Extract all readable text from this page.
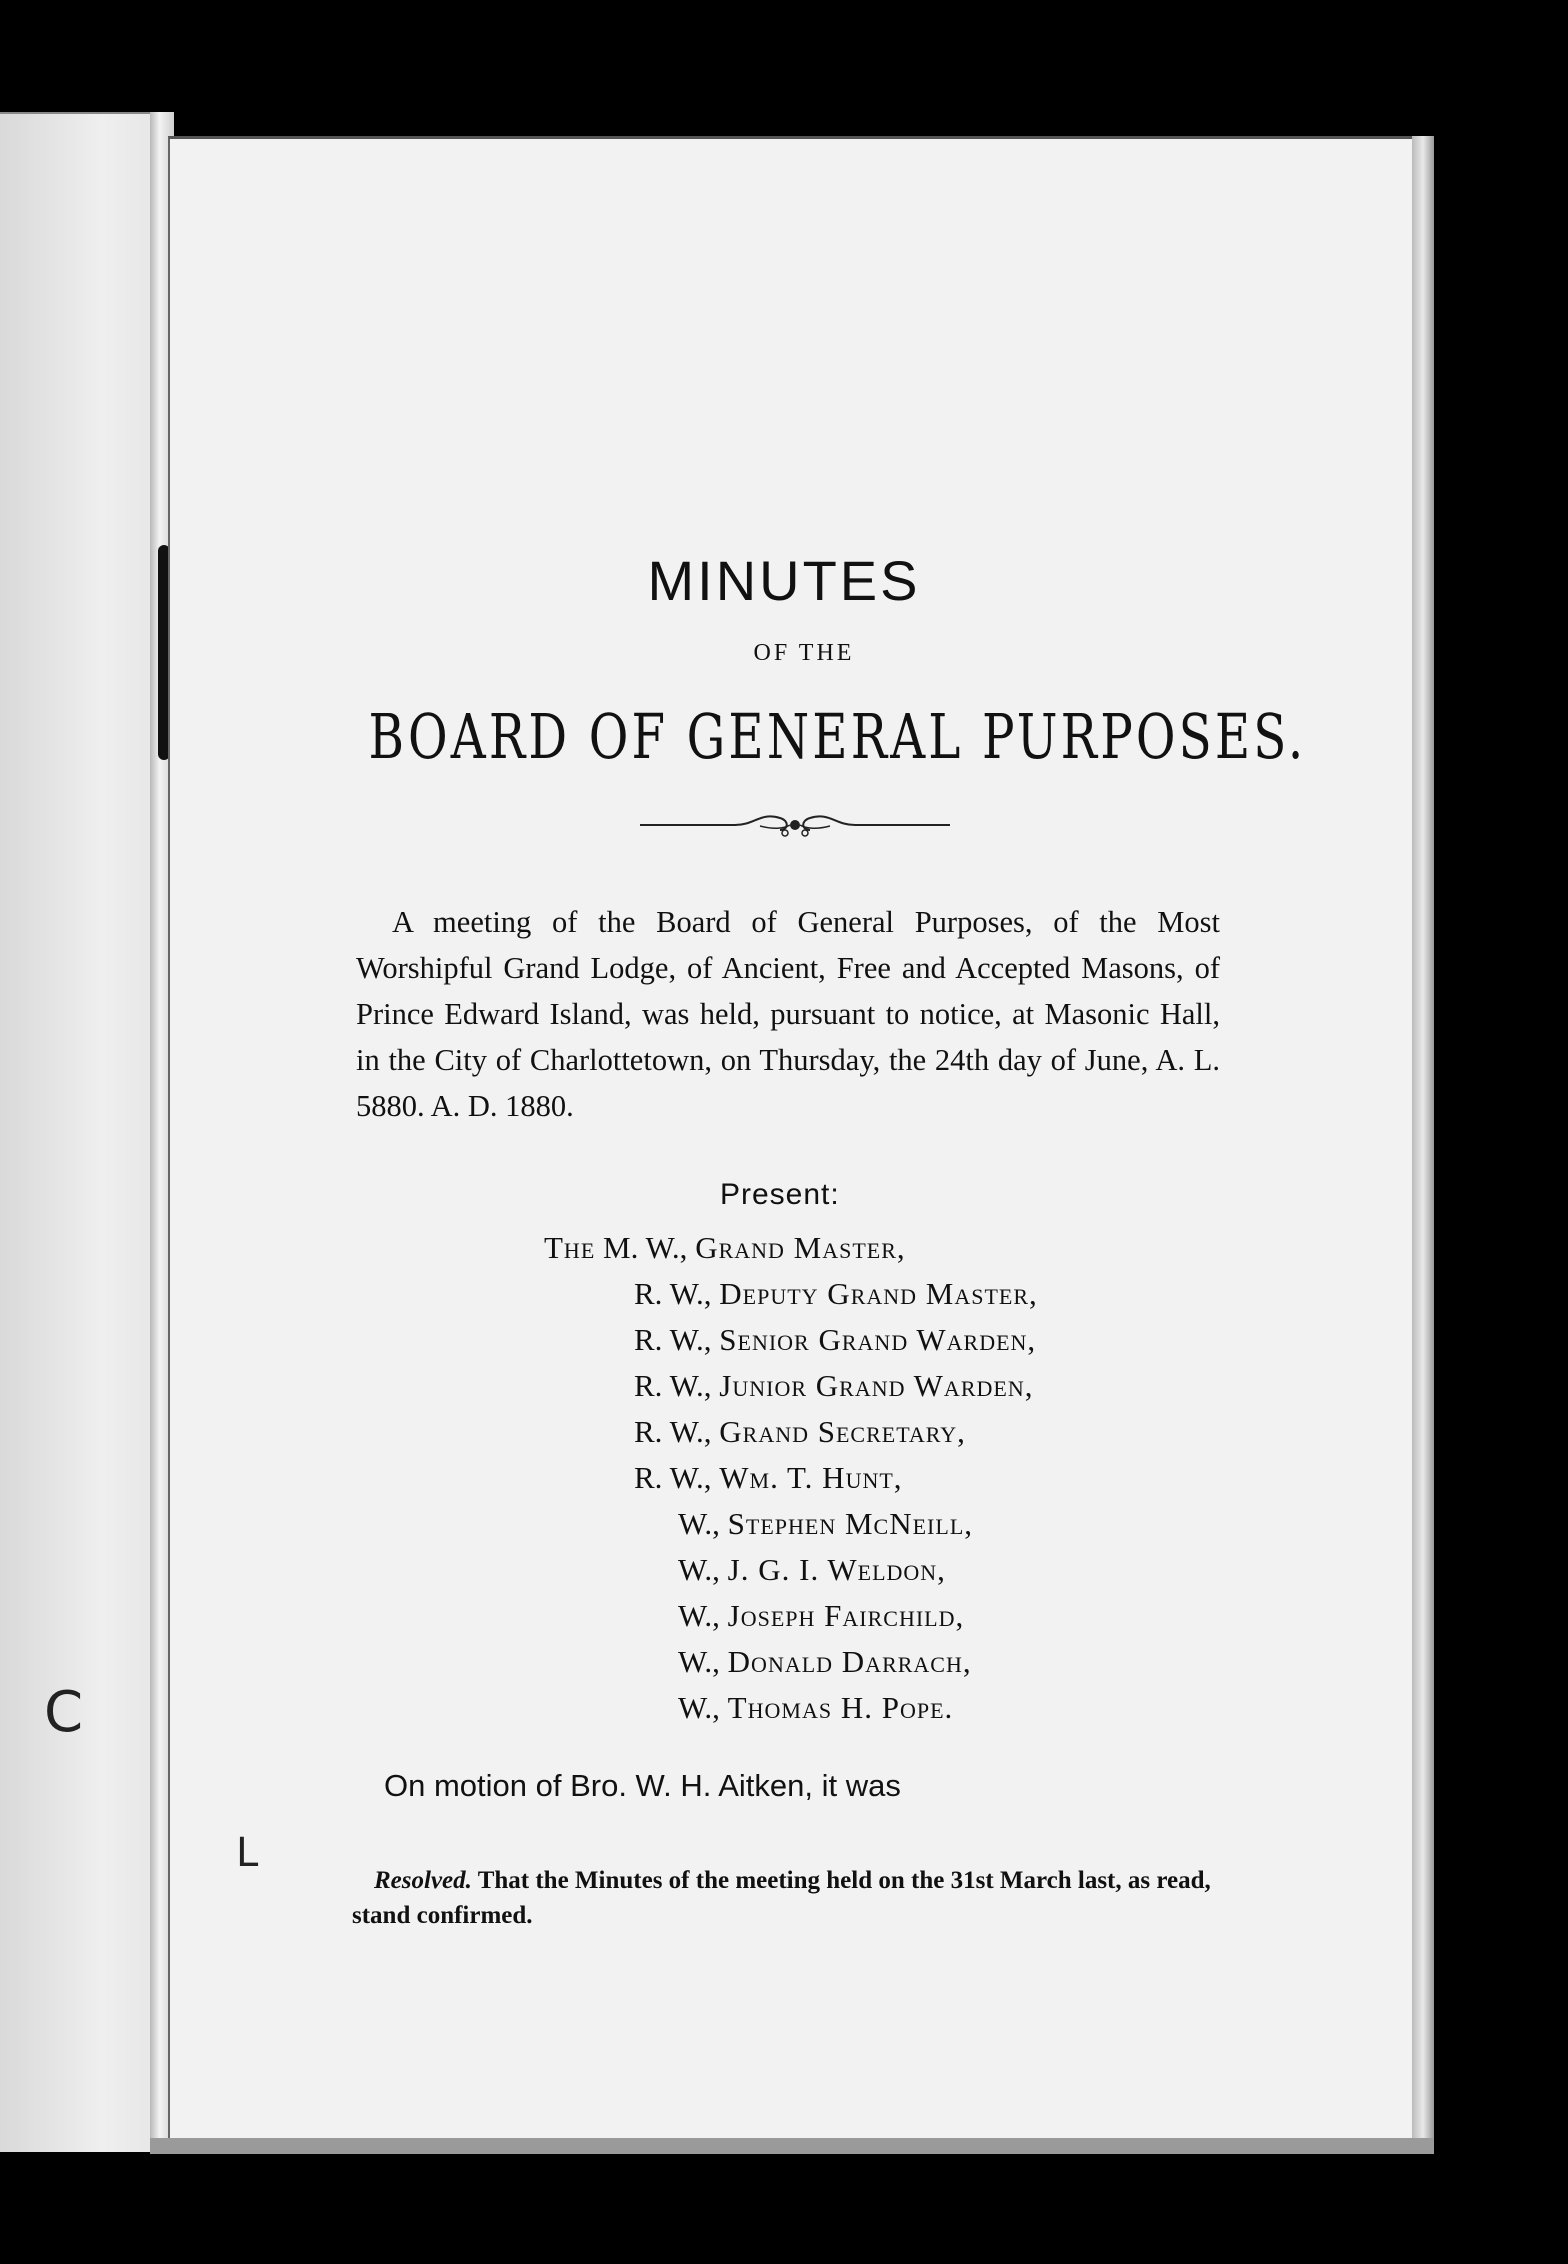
C
L
MINUTES
OF THE
BOARD OF GENERAL PURPOSES.

A meeting of the Board of General Purposes, of the Most Worshipful Grand Lodge, of Ancient, Free and Accepted Masons, of Prince Edward Island, was held, pursuant to notice, at Masonic Hall, in the City of Charlottetown, on Thursday, the 24th day of June, A. L. 5880. A. D. 1880.

Present:
The M. W., Grand Master,
R. W., Deputy Grand Master,
R. W., Senior Grand Warden,
R. W., Junior Grand Warden,
R. W., Grand Secretary,
R. W., Wm. T. Hunt,
W., Stephen McNeill,
W., J. G. I. Weldon,
W., Joseph Fairchild,
W., Donald Darrach,
W., Thomas H. Pope.
On motion of Bro. W. H. Aitken, it was

Resolved. That the Minutes of the meeting held on the 31st March last, as read, stand confirmed.
